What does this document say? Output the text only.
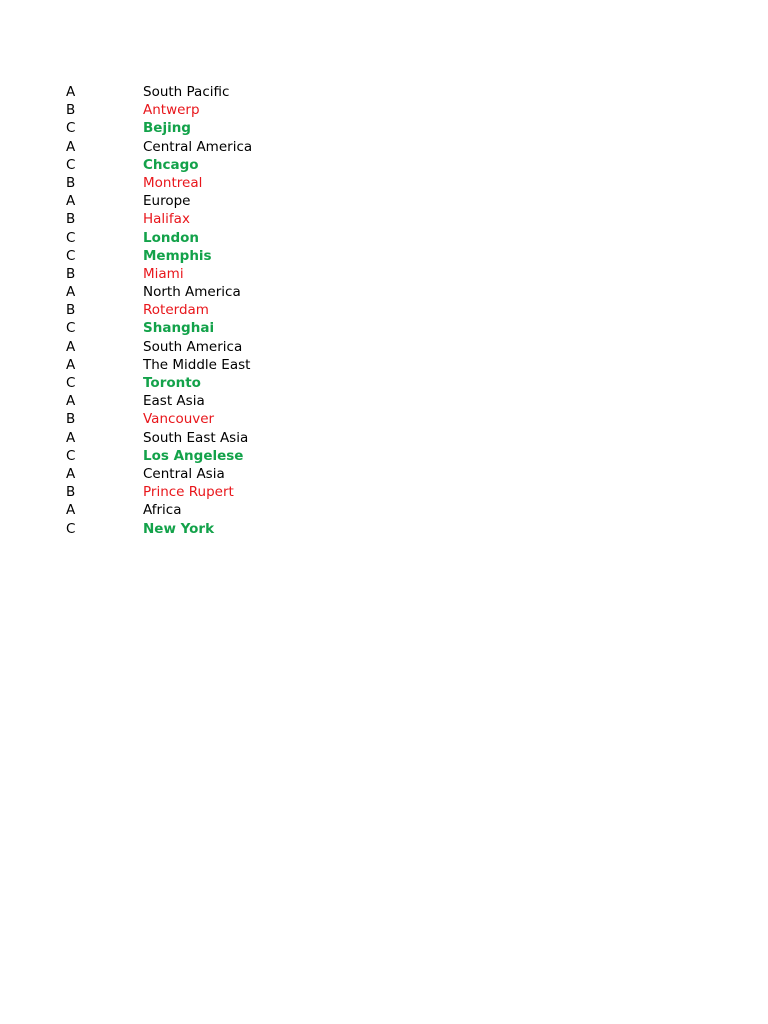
A	South Pacific
B	Antwerp
C	Bejing
A	Central America
C	Chcago
B	Montreal
A	Europe
B	Halifax
C	London
C	Memphis
B	Miami
A	North America
B	Roterdam
C	Shanghai
A	South America
A	The Middle East
C	Toronto
A	East Asia
B	Vancouver
A	South East Asia
C	Los Angelese
A	Central Asia
B	Prince Rupert
A	Africa
C	New York
